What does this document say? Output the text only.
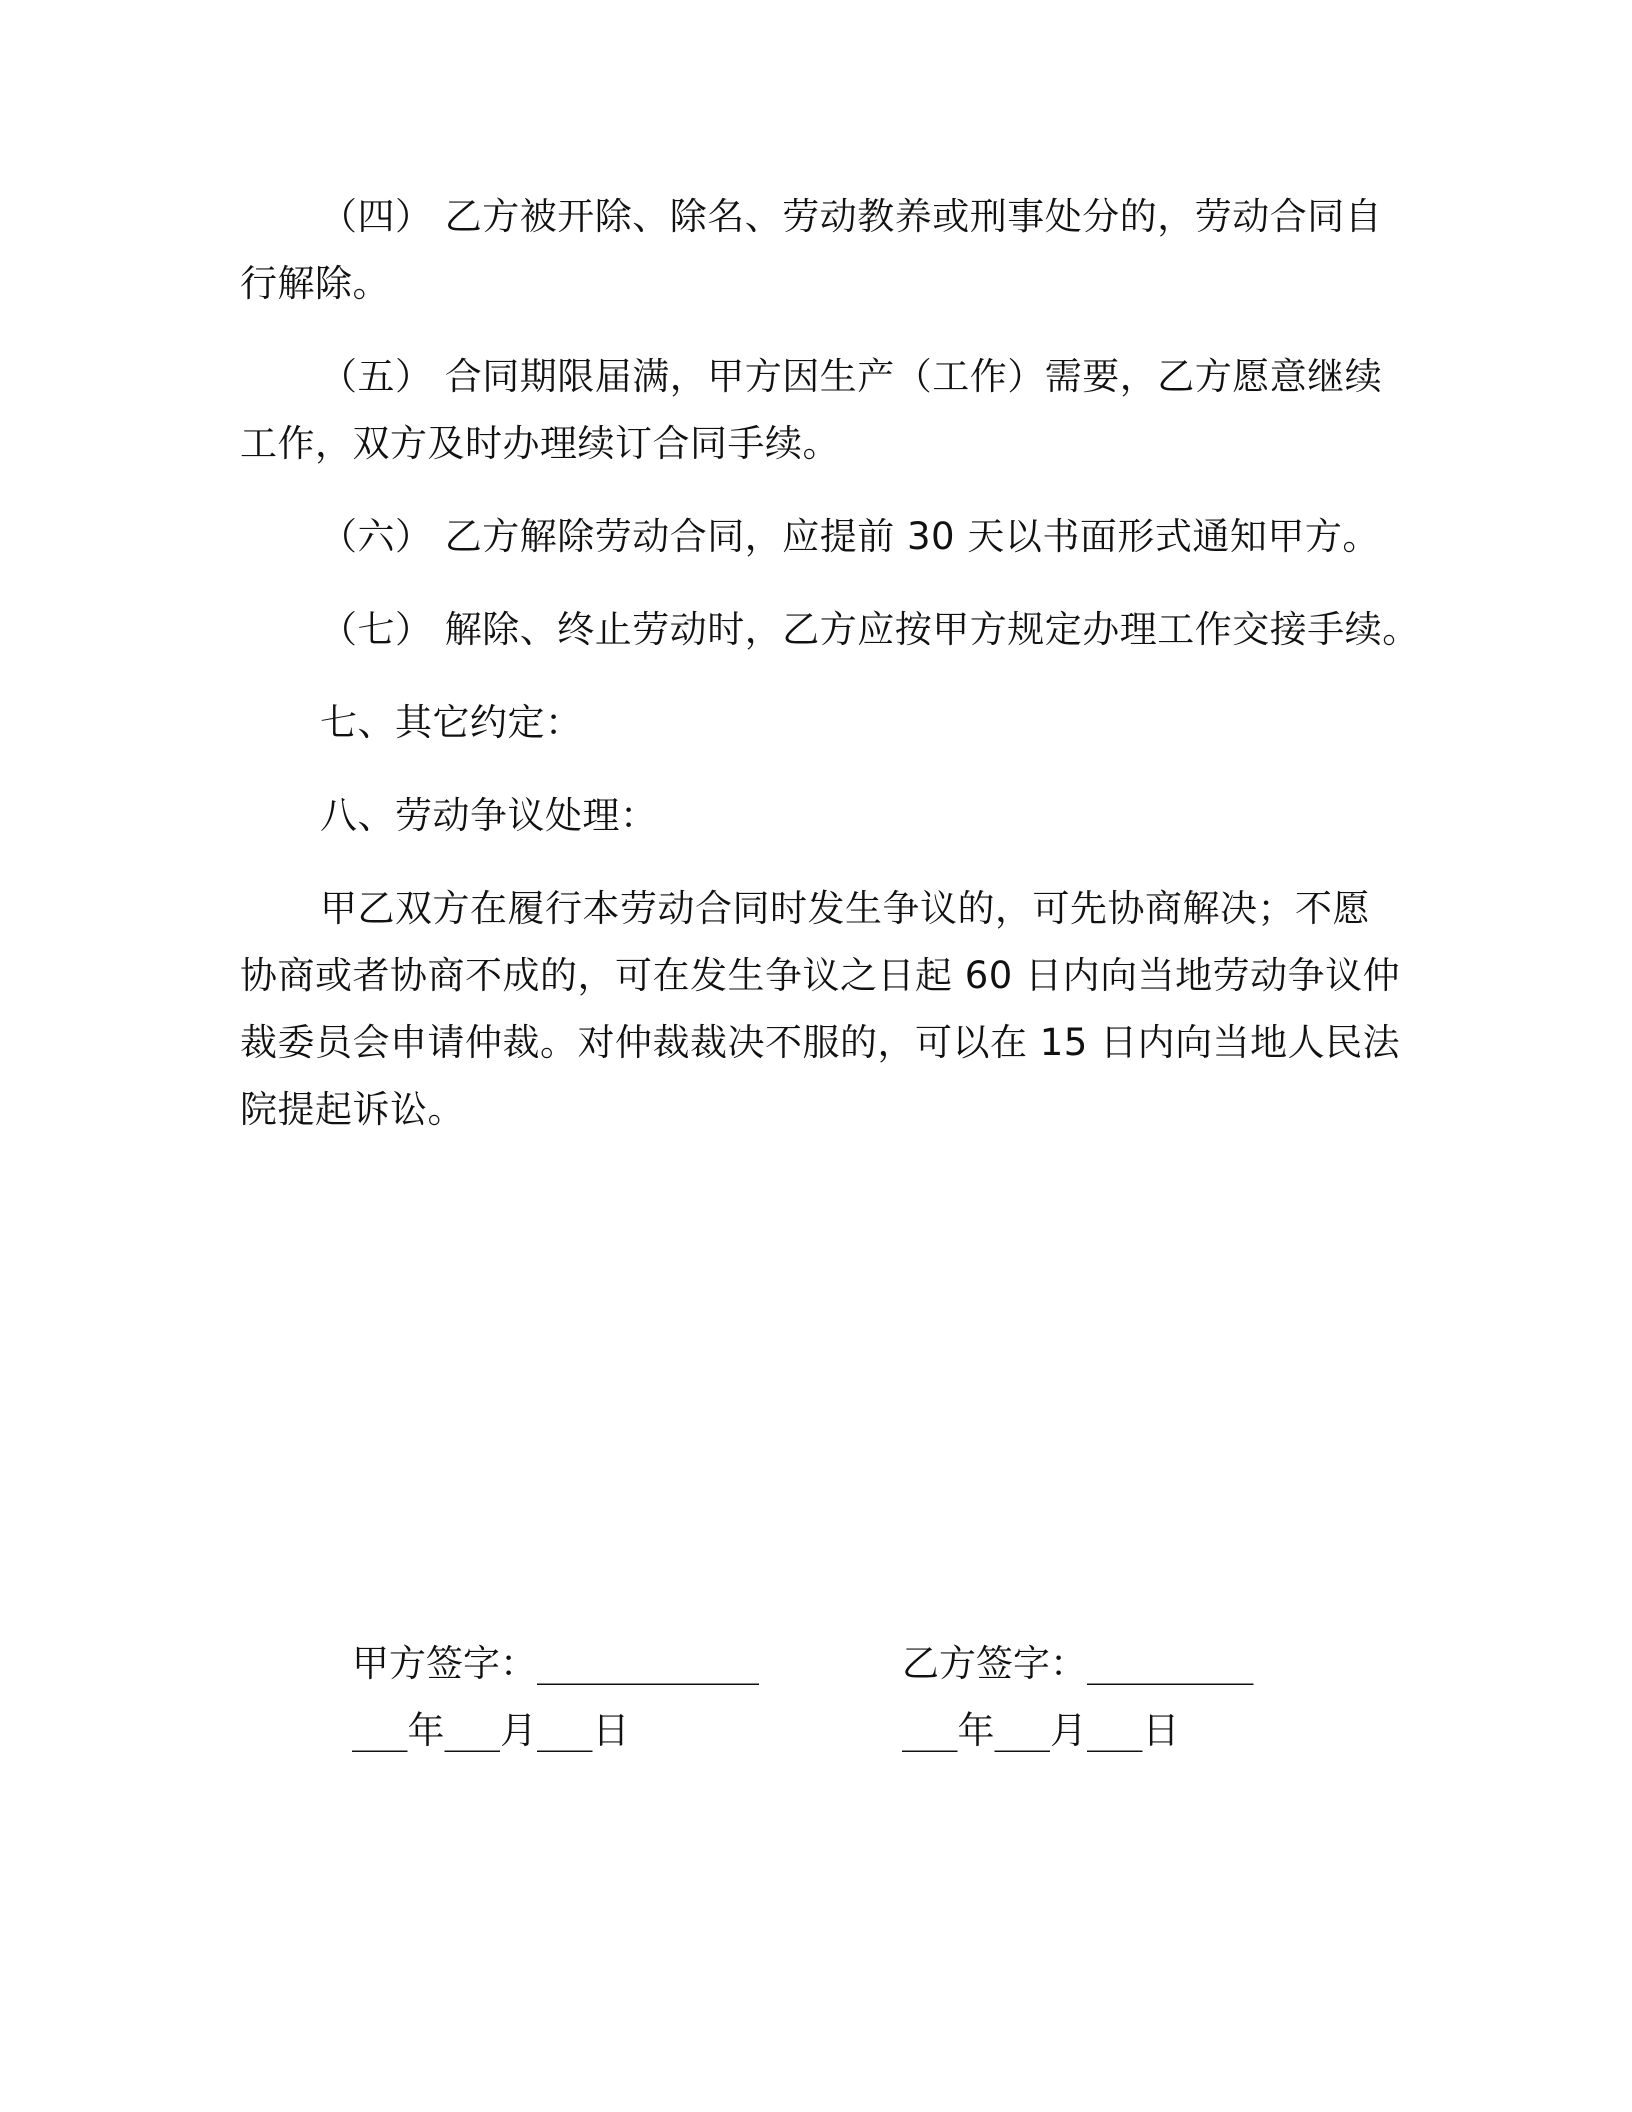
（四） 乙方被开除、除名、劳动教养或刑事处分的，劳动合同自
行解除。

（五） 合同期限届满，甲方因生产（工作）需要，乙方愿意继续
工作，双方及时办理续订合同手续。

（六） 乙方解除劳动合同，应提前 30 天以书面形式通知甲方。

（七） 解除、终止劳动时，乙方应按甲方规定办理工作交接手续。

七、其它约定：

八、劳动争议处理：

甲乙双方在履行本劳动合同时发生争议的，可先协商解决；不愿
协商或者协商不成的，可在发生争议之日起 60 日内向当地劳动争议仲
裁委员会申请仲裁。对仲裁裁决不服的，可以在 15 日内向当地人民法
院提起诉讼。

甲方签字：____________
___年___月___日
乙方签字：_________
___年___月___日
